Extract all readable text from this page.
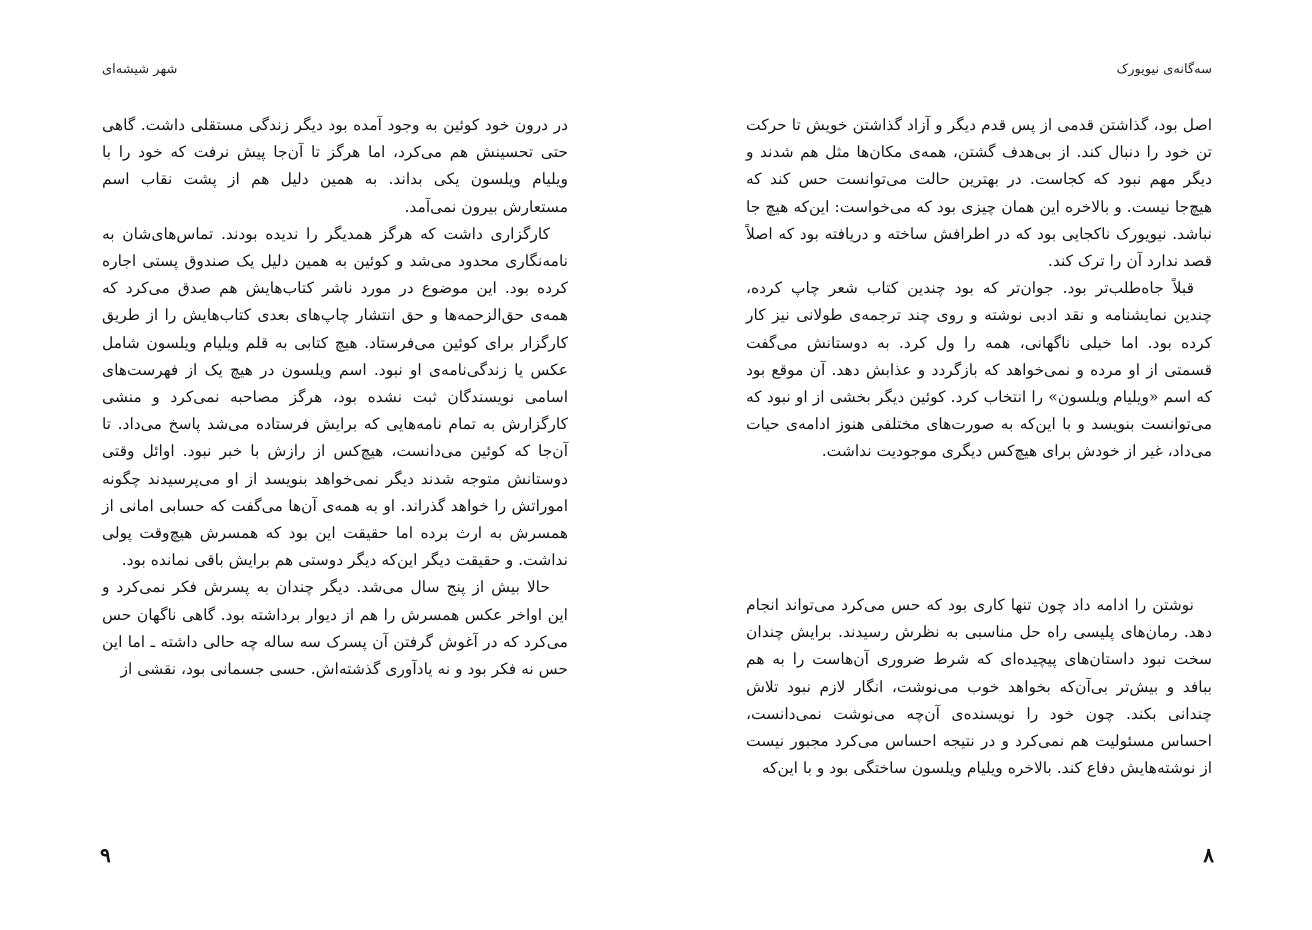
شهر شیشه‌ای

در درون خود کوئین به وجود آمده بود دیگر زندگی مستقلی داشت. گاهی حتی تحسینش هم می‌کرد، اما هرگز تا آن‌جا پیش نرفت که خود را با ویلیام ویلسون یکی بداند. به همین دلیل هم از پشت نقاب اسم مستعارش بیرون نمی‌آمد.

کارگزاری داشت که هرگز همدیگر را ندیده بودند. تماس‌های‌شان به نامه‌نگاری محدود می‌شد و کوئین به همین دلیل یک صندوق پستی اجاره کرده بود. این موضوع در مورد ناشر کتاب‌هایش هم صدق می‌کرد که همه‌ی حق‌الزحمه‌ها و حق انتشار چاپ‌های بعدی کتاب‌هایش را از طریق کارگزار برای کوئین می‌فرستاد. هیچ کتابی به قلم ویلیام ویلسون شامل عکس یا زندگی‌نامه‌ی او نبود. اسم ویلسون در هیچ یک از فهرست‌های اسامی نویسندگان ثبت نشده بود، هرگز مصاحبه نمی‌کرد و منشی کارگزارش به تمام نامه‌هایی که برایش فرستاده می‌شد پاسخ می‌داد. تا آن‌جا که کوئین می‌دانست، هیچ‌کس از رازش با خبر نبود. اوائل وقتی دوستانش متوجه شدند دیگر نمی‌خواهد بنویسد از او می‌پرسیدند چگونه اموراتش را خواهد گذراند. او به همه‌ی آن‌ها می‌گفت که حسابی امانی از همسرش به ارث برده اما حقیقت این بود که همسرش هیچ‌وقت پولی نداشت. و حقیقت دیگر این‌که دیگر دوستی هم برایش باقی نمانده بود.

حالا بیش از پنج سال می‌شد. دیگر چندان به پسرش فکر نمی‌کرد و این اواخر عکس همسرش را هم از دیوار برداشته بود. گاهی ناگهان حس می‌کرد که در آغوش گرفتن آن پسرک سه ساله چه حالی داشته ـ اما این حس نه فکر بود و نه یادآوری گذشته‌اش. حسی جسمانی بود، نقشی از

۹
سه‌گانه‌ی نیویورک

اصل بود، گذاشتن قدمی از پس قدم دیگر و آزاد گذاشتن خویش تا حرکت تن خود را دنبال کند. از بی‌هدف گشتن، همه‌ی مکان‌ها مثل هم شدند و دیگر مهم نبود که کجاست. در بهترین حالت می‌توانست حس کند که هیچ‌جا نیست. و بالاخره این همان چیزی بود که می‌خواست: این‌که هیچ جا نباشد. نیویورک ناکجایی بود که در اطرافش ساخته و دریافته بود که اصلاً قصد ندارد آن را ترک کند.

قبلاً جاه‌طلب‌تر بود. جوان‌تر که بود چندین کتاب شعر چاپ کرده، چندین نمایشنامه و نقد ادبی نوشته و روی چند ترجمه‌ی طولانی نیز کار کرده بود. اما خیلی ناگهانی، همه را ول کرد. به دوستانش می‌گفت قسمتی از او مرده و نمی‌خواهد که بازگردد و عذابش دهد. آن موقع بود که اسم «ویلیام ویلسون» را انتخاب کرد. کوئین دیگر بخشی از او نبود که می‌توانست بنویسد و با این‌که به صورت‌های مختلفی هنوز ادامه‌ی حیات می‌داد، غیر از خودش برای هیچ‌کس دیگری موجودیت نداشت.

نوشتن را ادامه داد چون تنها کاری بود که حس می‌کرد می‌تواند انجام دهد. رمان‌های پلیسی راه حل مناسبی به نظرش رسیدند. برایش چندان سخت نبود داستان‌های پیچیده‌ای که شرط ضروری آن‌هاست را به هم ببافد و بیش‌تر بی‌آن‌که بخواهد خوب می‌نوشت، انگار لازم نبود تلاش چندانی بکند. چون خود را نویسنده‌ی آن‌چه می‌نوشت نمی‌دانست، احساس مسئولیت هم نمی‌کرد و در نتیجه احساس می‌کرد مجبور نیست از نوشته‌هایش دفاع کند. بالاخره ویلیام ویلسون ساختگی بود و با این‌که

۸
